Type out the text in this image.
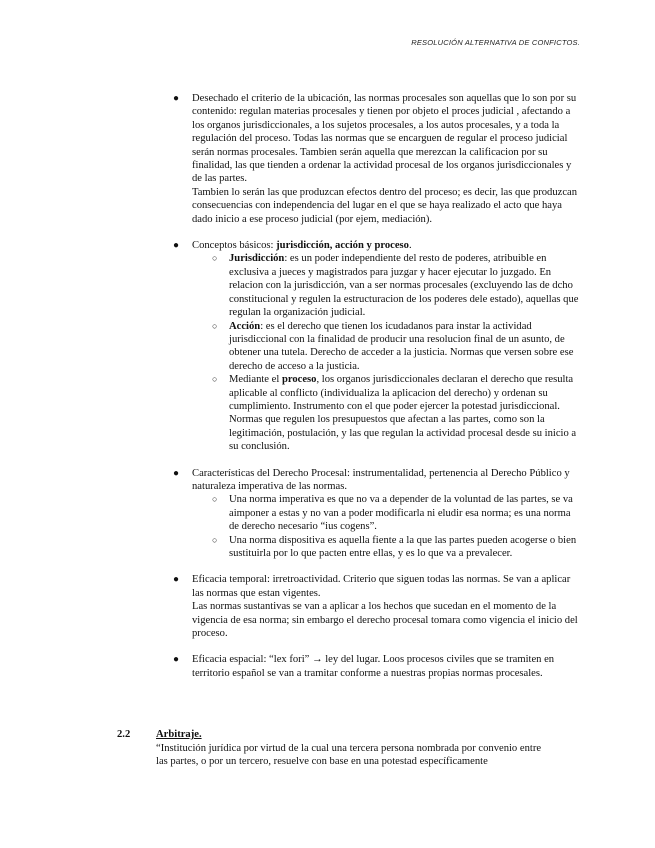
RESOLUCIÓN ALTERNATIVA DE CONFICTOS.
● Desechado el criterio de la ubicación, las normas procesales son aquellas que lo son por su contenido: regulan materias procesales y tienen por objeto el proces judicial , afectando a los organos jurisdiccionales, a los sujetos procesales, a los autos procesales, y a toda la regulación del proceso. Todas las normas que se encarguen de regular el proceso judicial serán normas procesales. Tambien serán aquella que merezcan la calificacion por su finalidad, las que tienden a ordenar la actividad procesal de los organos jurisdiccionales y de las partes.

Tambien lo serán las que produzcan efectos dentro del proceso; es decir, las que produzcan consecuencias con independencia del lugar en el que se haya realizado el acto que haya dado inicio a ese proceso judicial (por ejem, mediación).

● Conceptos básicos: jurisdicción, acción y proceso.

○ Jurisdicción: es un poder independiente del resto de poderes, atribuible en exclusiva a jueces y magistrados para juzgar y hacer ejecutar lo juzgado. En relacion con la jurisdicción, van a ser normas procesales (excluyendo las de dcho constitucional y regulen la estructuracion de los poderes dele estado), aquellas que regulan la organización judicial.

○ Acción: es el derecho que tienen los icudadanos para instar la actividad jurisdiccional con la finalidad de producir una resolucion final de un asunto, de obtener una tutela. Derecho de acceder a la justicia. Normas que versen sobre ese derecho de acceso a la justicia.

○ Mediante el proceso, los organos jurisdiccionales declaran el derecho que resulta aplicable al conflicto (individualiza la aplicacion del derecho) y ordenan su cumplimiento. Instrumento con el que poder ejercer la potestad jurisdiccional. Normas que regulen los presupuestos que afectan a las partes, como son la legitimación, postulación, y las que regulan la actividad procesal desde su inicio a su conclusión.

● Características del Derecho Procesal: instrumentalidad, pertenencia al Derecho Público y naturaleza imperativa de las normas.

○ Una norma imperativa es que no va a depender de la voluntad de las partes, se va aimponer a estas y no van a poder modificarla ni eludir esa norma; es una norma de derecho necesario “ius cogens”.

○ Una norma dispositiva es aquella fiente a la que las partes pueden acogerse o bien sustituirla por lo que pacten entre ellas, y es lo que va a prevalecer.

● Eficacia temporal: irretroactividad. Criterio que siguen todas las normas. Se van a aplicar las normas que estan vigentes.

Las normas sustantivas se van a aplicar a los hechos que sucedan en el momento de la vigencia de esa norma; sin embargo el derecho procesal tomara como vigencia el inicio del proceso.

● Eficacia espacial: “lex fori” → ley del lugar. Loos procesos civiles que se tramiten en territorio español se van a tramitar conforme a nuestras propias normas procesales.

2.2 Arbitraje.

“Institución jurídica por virtud de la cual una tercera persona nombrada por convenio entre las partes, o por un tercero, resuelve con base en una potestad específicamente
